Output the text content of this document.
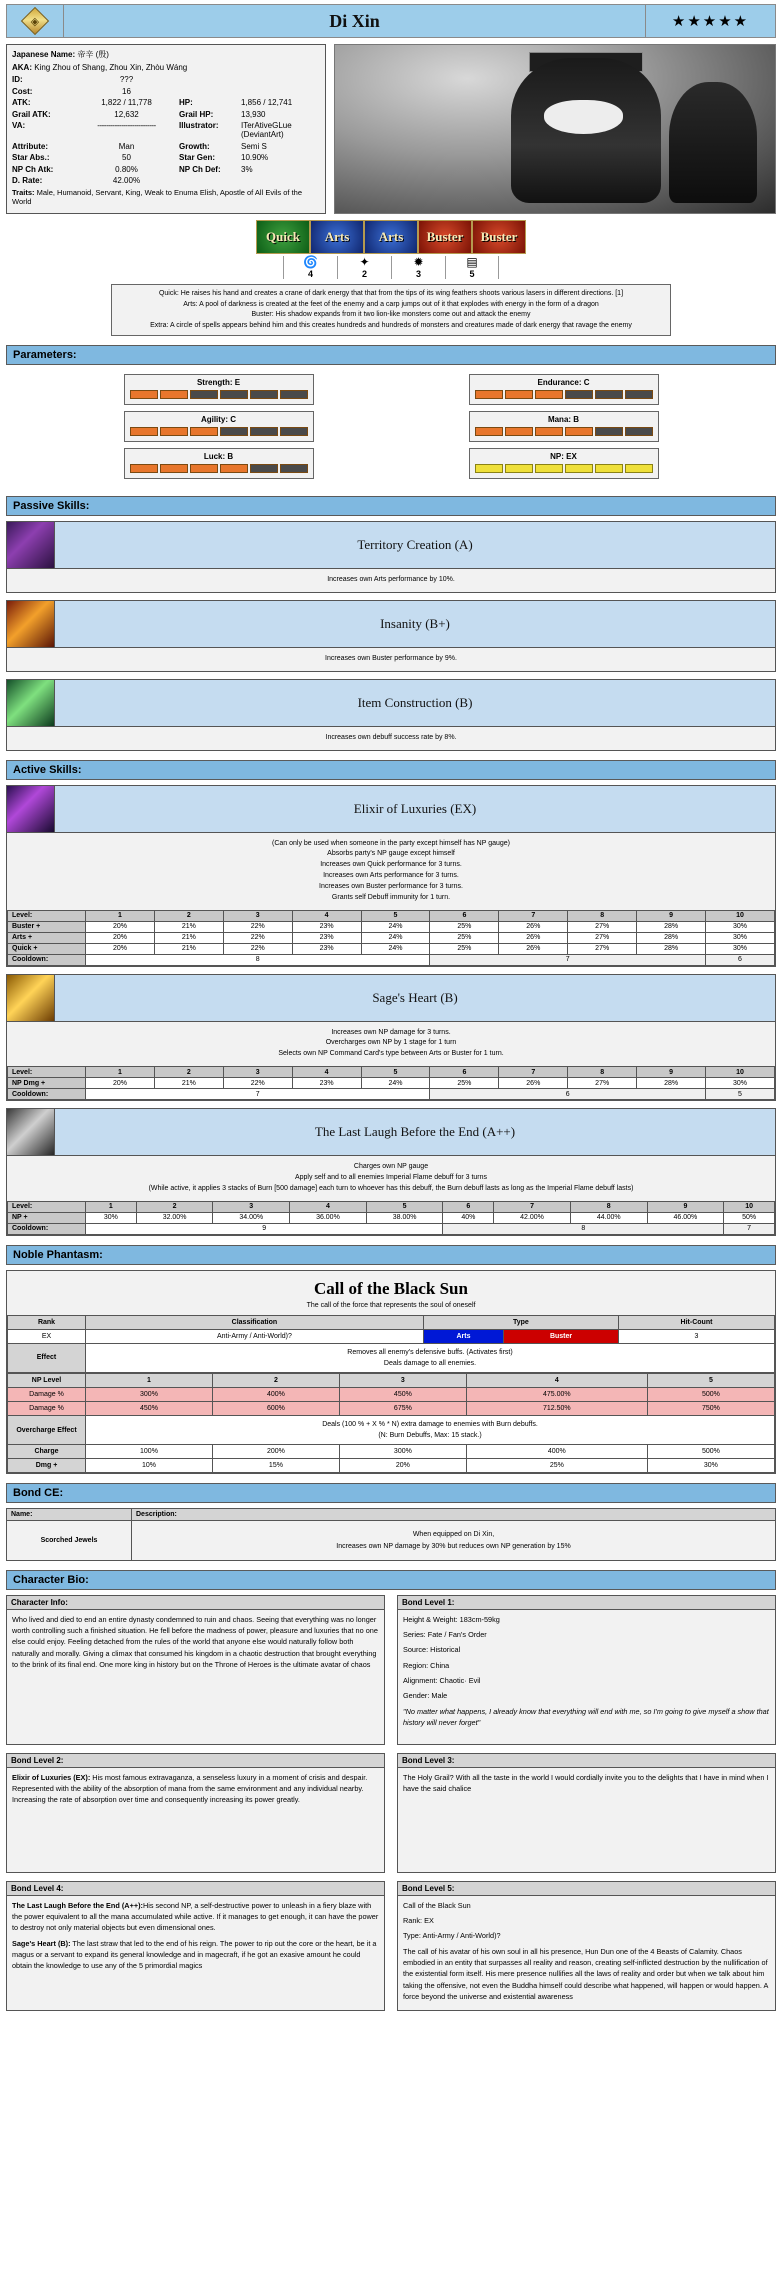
◈	Di Xin	★★★★★
Japanese Name: 帝辛 (殷)
AKA: King Zhou of Shang, Zhou Xin, Zhòu Wáng
ID:	???
Cost:	16
ATK:	1,822 / 11,778	HP:	1,856 / 12,741
Grail ATK:	12,632	Grail HP:	13,930
VA:	---------------------------	Illustrator:	ITerAtiveGLue (DeviantArt)
Attribute:	Man	Growth:	Semi S
Star Abs.:	50	Star Gen:	10.90%
NP Ch Atk:	0.80%	NP Ch Def:	3%
D. Rate:	42.00%
Traits: Male, Humanoid, Servant, King, Weak to Enuma Elish, Apostle of All Evils of the World
Quick	Arts	Arts	Buster	Buster
🌀
4
✦
2
✹
3
▤
5
Quick: He raises his hand and creates a crane of dark energy that that from the tips of its wing feathers shoots various lasers in different directions. [1]
Arts: A pool of darkness is created at the feet of the enemy and a carp jumps out of it that explodes with energy in the form of a dragon
Buster: His shadow expands from it two lion-like monsters come out and attack the enemy
Extra: A circle of spells appears behind him and this creates hundreds and hundreds of monsters and creatures made of dark energy that ravage the enemy
Parameters:
Strength: E
Agility: C
Luck: B
Endurance: C
Mana: B
NP: EX
Passive Skills:
Territory Creation (A)
Increases own Arts performance by 10%.
Insanity (B+)
Increases own Buster performance by 9%.
Item Construction (B)
Increases own debuff success rate by 8%.
Active Skills:
Elixir of Luxuries (EX)
(Can only be used when someone in the party except himself has NP gauge)
Absorbs party's NP gauge except himself
Increases own Quick performance for 3 turns.
Increases own Arts performance for 3 turns.
Increases own Buster performance for 3 turns.
Grants self Debuff immunity for 1 turn.
Level:	1	2	3	4	5	6	7	8	9	10
Buster +	20%	21%	22%	23%	24%	25%	26%	27%	28%	30%
Arts +	20%	21%	22%	23%	24%	25%	26%	27%	28%	30%
Quick +	20%	21%	22%	23%	24%	25%	26%	27%	28%	30%
Cooldown:	8					7				6
Sage's Heart (B)
Increases own NP damage for 3 turns.
Overcharges own NP by 1 stage for 1 turn
Selects own NP Command Card's type between Arts or Buster for 1 turn.
Level:	1	2	3	4	5	6	7	8	9	10
NP Dmg +	20%	21%	22%	23%	24%	25%	26%	27%	28%	30%
Cooldown:	7					6				5
The Last Laugh Before the End (A++)
Charges own NP gauge
Apply self and to all enemies Imperial Flame debuff for 3 turns
(While active, it applies 3 stacks of Burn [500 damage] each turn to whoever has this debuff, the Burn debuff lasts as long as the Imperial Flame debuff lasts)
Level:	1	2	3	4	5	6	7	8	9	10
NP +	30%	32.00%	34.00%	36.00%	38.00%	40%	42.00%	44.00%	46.00%	50%
Cooldown:	9					8				7
Noble Phantasm:
Call of the Black Sun
The call of the force that represents the soul of oneself
Rank	Classification	Type		Hit-Count
EX	Anti-Army / Anti-World)?	Arts	Buster	3
Effect	Removes all enemy's defensive buffs. (Activates first)
Deals damage to all enemies.			
NP Level	1	2	3	4	5
Damage %	300%	400%	450%	475.00%	500%
Damage %	450%	600%	675%	712.50%	750%
Overcharge Effect	Deals (100 % + X % * N) extra damage to enemies with Burn debuffs.
(N: Burn Debuffs, Max: 15 stack.)				

Charge	100%	200%	300%	400%	500%
Dmg +	10%	15%	20%	25%	30%
Bond CE:
Name:	Description:
Scorched Jewels	When equipped on Di Xin,
Increases own NP damage by 30% but reduces own NP generation by 15%
Character Bio:
Character Info:
Who lived and died to end an entire dynasty condemned to ruin and chaos. Seeing that everything was no longer worth controlling such a finished situation. He fell before the madness of power, pleasure and luxuries that no one else could enjoy. Feeling detached from the rules of the world that anyone else would naturally follow both naturally and morally. Giving a climax that consumed his kingdom in a chaotic destruction that brought everything to the brink of its final end. One more king in history but on the Throne of Heroes is the ultimate avatar of chaos
Bond Level 1:

Height & Weight: 183cm-59kg

Series: Fate / Fan's Order

Source: Historical

Region: China

Alignment: Chaotic· Evil

Gender: Male

"No matter what happens, I already know that everything will end with me, so I'm going to give myself a show that history will never forget"

Bond Level 2:
Elixir of Luxuries (EX): His most famous extravaganza, a senseless luxury in a moment of crisis and despair. Represented with the ability of the absorption of mana from the same environment and any individual nearby. Increasing the rate of absorption over time and consequently increasing its power greatly.
Bond Level 3:
The Holy Grail? With all the taste in the world I would cordially invite you to the delights that I have in mind when I have the said chalice
Bond Level 4:

The Last Laugh Before the End (A++):His second NP, a self-destructive power to unleash in a fiery blaze with the power equivalent to all the mana accumulated while active. If it manages to get enough, it can have the power to destroy not only material objects but even dimensional ones.

Sage's Heart (B): The last straw that led to the end of his reign. The power to rip out the core or the heart, be it a magus or a servant to expand its general knowledge and in magecraft, if he got an exasive amount he could obtain the knowledge to use any of the 5 primordial magics

Bond Level 5:

Call of the Black Sun

Rank: EX

Type: Anti-Army / Anti-World)?

The call of his avatar of his own soul in all his presence, Hun Dun one of the 4 Beasts of Calamity. Chaos embodied in an entity that surpasses all reality and reason, creating self-inflicted destruction by the nullification of the existential form itself. His mere presence nullifies all the laws of reality and order but when we talk about him taking the offensive, not even the Buddha himself could describe what happened, will happen or would happen. A force beyond the universe and existential awareness
